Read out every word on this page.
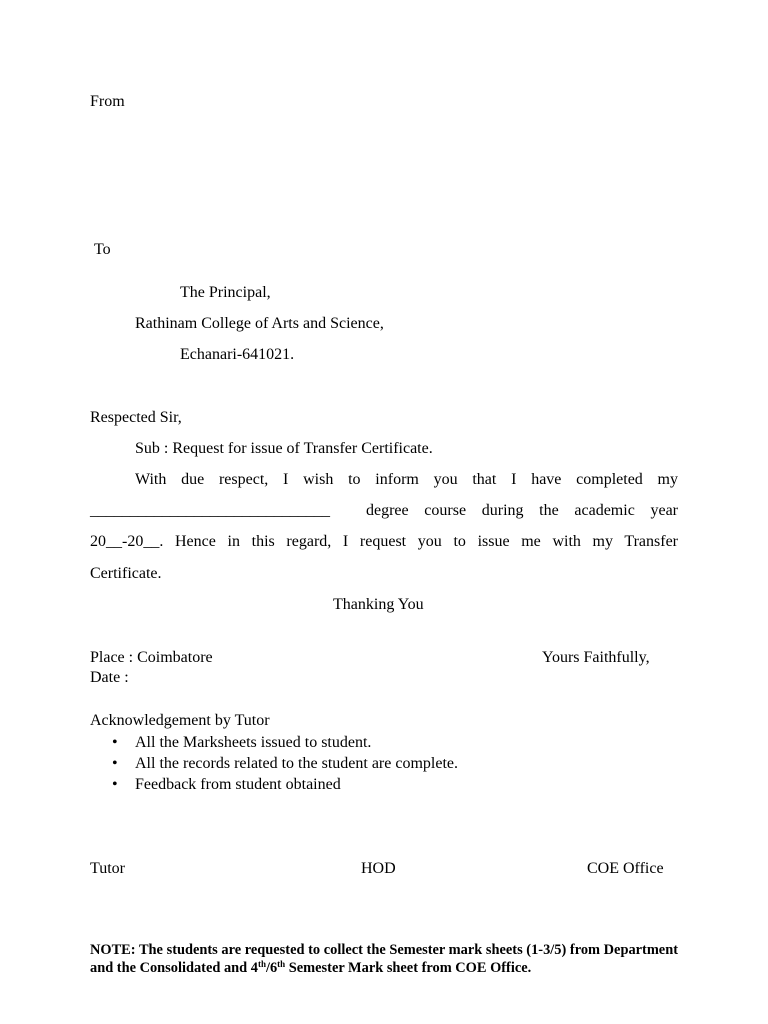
From
To
The Principal,
Rathinam College of Arts and Science,
Echanari-641021.
Respected Sir,
Sub : Request for issue of Transfer Certificate.
With due respect, I wish to inform you that I have completed my
______________________________ degree course during the academic year
20__-20__. Hence in this regard, I request you to issue me with my Transfer
Certificate.
Thanking You
Place : Coimbatore	Yours Faithfully,
Date :
Acknowledgement by Tutor
• All the Marksheets issued to student.
• All the records related to the student are complete.
• Feedback from student obtained
Tutor	HOD	COE Office
NOTE: The students are requested to collect the Semester mark sheets (1-3/5) from Department and the Consolidated and 4th/6th Semester Mark sheet from COE Office.
